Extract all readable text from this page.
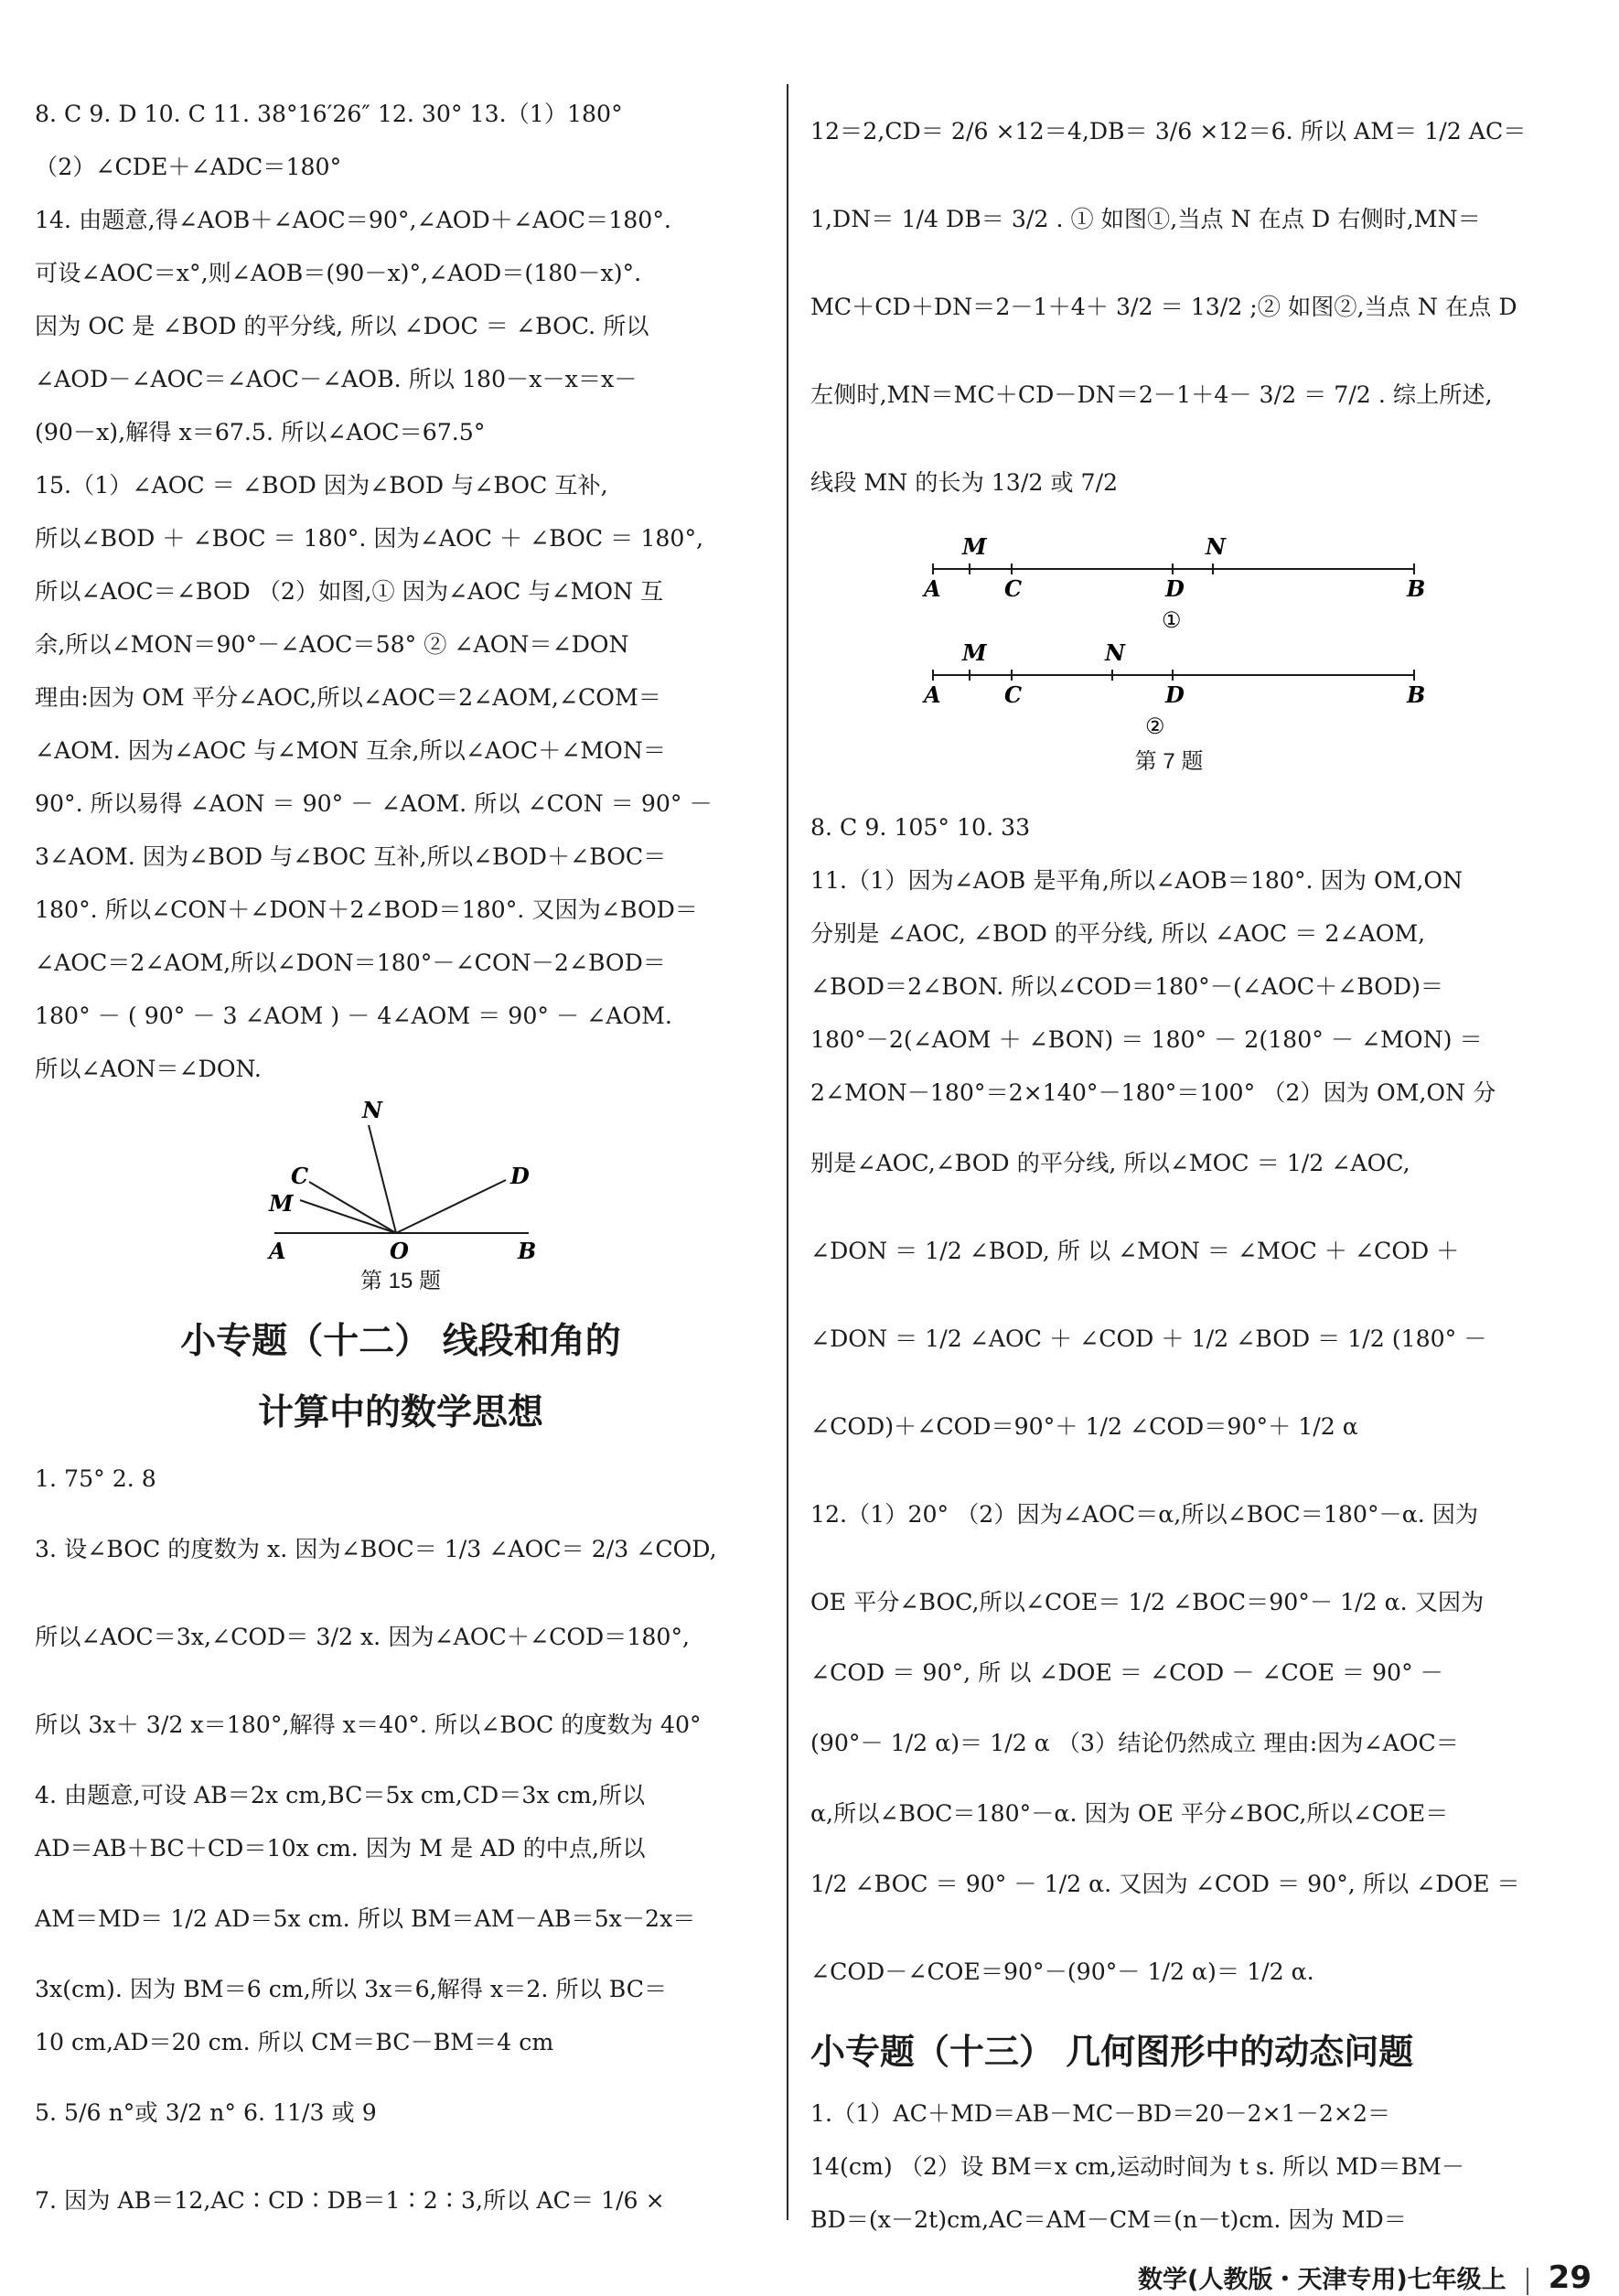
8. C 9. D 10. C 11. 38°16′26″ 12. 30° 13.（1）180°
（2）∠CDE＋∠ADC＝180°
14. 由题意,得∠AOB＋∠AOC＝90°,∠AOD＋∠AOC＝180°.
可设∠AOC＝x°,则∠AOB＝(90－x)°,∠AOD＝(180－x)°.
因为 OC 是 ∠BOD 的平分线, 所以 ∠DOC ＝ ∠BOC. 所以
∠AOD－∠AOC＝∠AOC－∠AOB. 所以 180－x－x＝x－
(90－x),解得 x＝67.5. 所以∠AOC＝67.5°
15.（1）∠AOC ＝ ∠BOD 因为∠BOD 与∠BOC 互补,
所以∠BOD ＋ ∠BOC ＝ 180°. 因为∠AOC ＋ ∠BOC ＝ 180°,
所以∠AOC＝∠BOD （2）如图,① 因为∠AOC 与∠MON 互
余,所以∠MON＝90°－∠AOC＝58° ② ∠AON＝∠DON
理由:因为 OM 平分∠AOC,所以∠AOC＝2∠AOM,∠COM＝
∠AOM. 因为∠AOC 与∠MON 互余,所以∠AOC＋∠MON＝
90°. 所以易得 ∠AON ＝ 90° － ∠AOM. 所以 ∠CON ＝ 90° －
3∠AOM. 因为∠BOD 与∠BOC 互补,所以∠BOD＋∠BOC＝
180°. 所以∠CON＋∠DON＋2∠BOD＝180°. 又因为∠BOD＝
∠AOC＝2∠AOM,所以∠DON＝180°－∠CON－2∠BOD＝
180° － ( 90° － 3 ∠AOM ) － 4∠AOM ＝ 90° － ∠AOM.
所以∠AON＝∠DON.
N
C	D
M
A	O	B
第 15 题
小专题（十二） 线段和角的
计算中的数学思想
1. 75° 2. 8
3. 设∠BOC 的度数为 x. 因为∠BOC＝ 1/3 ∠AOC＝ 2/3 ∠COD,
所以∠AOC＝3x,∠COD＝ 3/2 x. 因为∠AOC＋∠COD＝180°,
所以 3x＋ 3/2 x＝180°,解得 x＝40°. 所以∠BOC 的度数为 40°
4. 由题意,可设 AB＝2x cm,BC＝5x cm,CD＝3x cm,所以
AD＝AB＋BC＋CD＝10x cm. 因为 M 是 AD 的中点,所以
AM＝MD＝ 1/2 AD＝5x cm. 所以 BM＝AM－AB＝5x－2x＝
3x(cm). 因为 BM＝6 cm,所以 3x＝6,解得 x＝2. 所以 BC＝
10 cm,AD＝20 cm. 所以 CM＝BC－BM＝4 cm
5. 5/6 n°或 3/2 n° 6. 11/3 或 9
7. 因为 AB＝12,AC∶CD∶DB＝1∶2∶3,所以 AC＝ 1/6 ×
12＝2,CD＝ 2/6 ×12＝4,DB＝ 3/6 ×12＝6. 所以 AM＝ 1/2 AC＝
1,DN＝ 1/4 DB＝ 3/2 . ① 如图①,当点 N 在点 D 右侧时,MN＝
MC＋CD＋DN＝2－1＋4＋ 3/2 ＝ 13/2 ;② 如图②,当点 N 在点 D
左侧时,MN＝MC＋CD－DN＝2－1＋4－ 3/2 ＝ 7/2 . 综上所述,
线段 MN 的长为 13/2 或 7/2
M	N
A	C	D	B
①
M	N
A	C	D	B
②
第 7 题
8. C 9. 105° 10. 33
11.（1）因为∠AOB 是平角,所以∠AOB＝180°. 因为 OM,ON
分别是 ∠AOC, ∠BOD 的平分线, 所以 ∠AOC ＝ 2∠AOM,
∠BOD＝2∠BON. 所以∠COD＝180°－(∠AOC＋∠BOD)＝
180°－2(∠AOM ＋ ∠BON) ＝ 180° － 2(180° － ∠MON) ＝
2∠MON－180°＝2×140°－180°＝100° （2）因为 OM,ON 分
别是∠AOC,∠BOD 的平分线, 所以∠MOC ＝ 1/2 ∠AOC,
∠DON ＝ 1/2 ∠BOD, 所 以 ∠MON ＝ ∠MOC ＋ ∠COD ＋
∠DON ＝ 1/2 ∠AOC ＋ ∠COD ＋ 1/2 ∠BOD ＝ 1/2 (180° －
∠COD)＋∠COD＝90°＋ 1/2 ∠COD＝90°＋ 1/2 α
12.（1）20° （2）因为∠AOC＝α,所以∠BOC＝180°－α. 因为
OE 平分∠BOC,所以∠COE＝ 1/2 ∠BOC＝90°－ 1/2 α. 又因为
∠COD ＝ 90°, 所 以 ∠DOE ＝ ∠COD － ∠COE ＝ 90° －
(90°－ 1/2 α)＝ 1/2 α （3）结论仍然成立 理由:因为∠AOC＝
α,所以∠BOC＝180°－α. 因为 OE 平分∠BOC,所以∠COE＝
1/2 ∠BOC ＝ 90° － 1/2 α. 又因为 ∠COD ＝ 90°, 所以 ∠DOE ＝
∠COD－∠COE＝90°－(90°－ 1/2 α)＝ 1/2 α.
小专题（十三） 几何图形中的动态问题
1.（1）AC＋MD＝AB－MC－BD＝20－2×1－2×2＝
14(cm) （2）设 BM＝x cm,运动时间为 t s. 所以 MD＝BM－
BD＝(x－2t)cm,AC＝AM－CM＝(n－t)cm. 因为 MD＝
数学(人教版・天津专用)七年级上 29
